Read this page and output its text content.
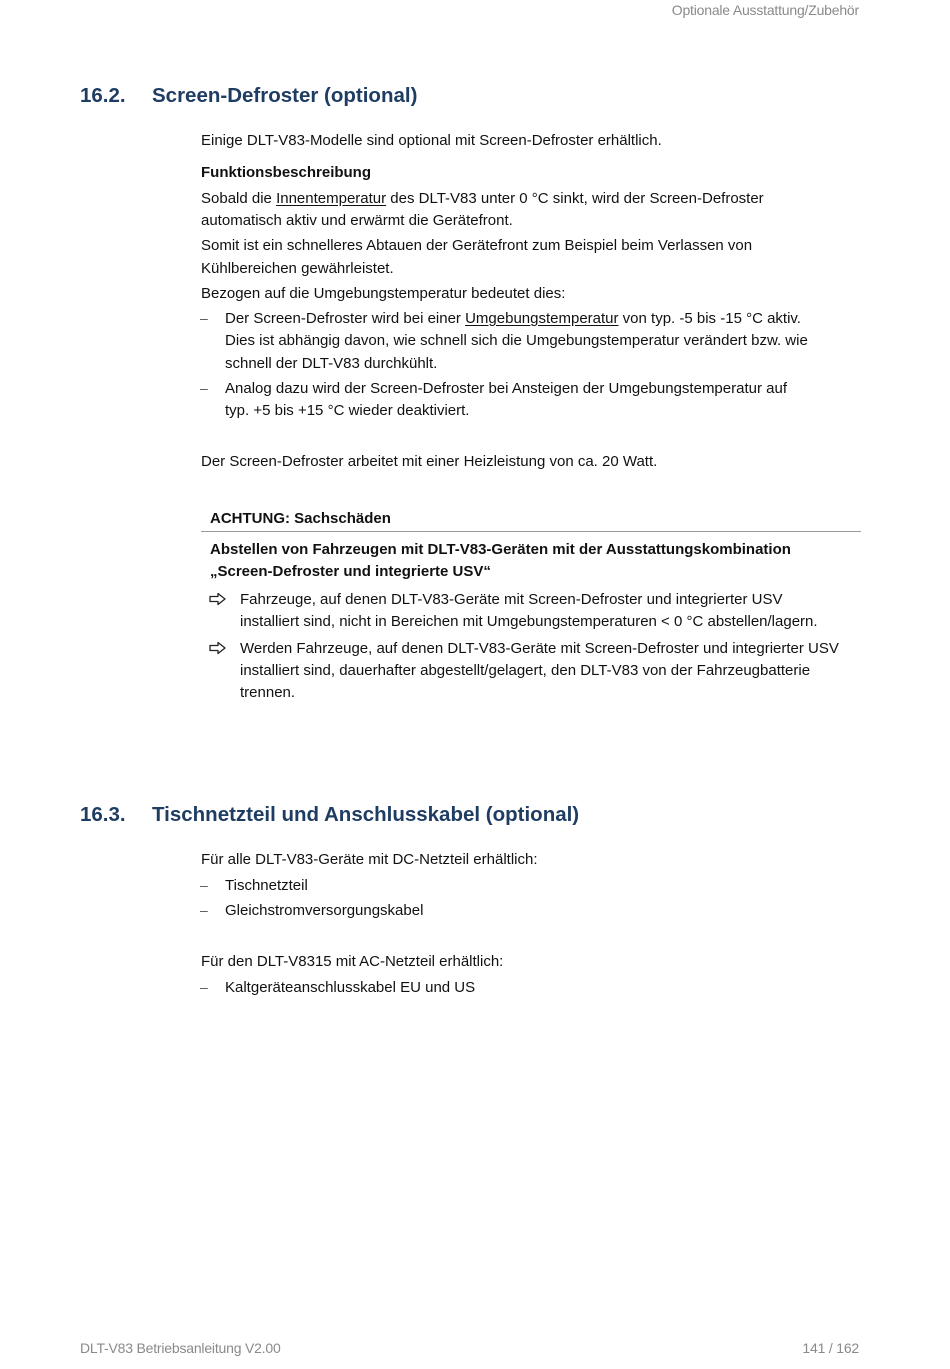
Optionale Ausstattung/Zubehör
16.2. Screen-Defroster (optional)
Einige DLT-V83-Modelle sind optional mit Screen-Defroster erhältlich.
Funktionsbeschreibung
Sobald die Innentemperatur des DLT-V83 unter 0 °C sinkt, wird der Screen-Defroster
automatisch aktiv und erwärmt die Gerätefront.
Somit ist ein schnelleres Abtauen der Gerätefront zum Beispiel beim Verlassen von
Kühlbereichen gewährleistet.
Bezogen auf die Umgebungstemperatur bedeutet dies:
– Der Screen-Defroster wird bei einer Umgebungstemperatur von typ. -5 bis -15 °C aktiv.
Dies ist abhängig davon, wie schnell sich die Umgebungstemperatur verändert bzw. wie
schnell der DLT-V83 durchkühlt.
– Analog dazu wird der Screen-Defroster bei Ansteigen der Umgebungstemperatur auf
typ. +5 bis +15 °C wieder deaktiviert.
Der Screen-Defroster arbeitet mit einer Heizleistung von ca. 20 Watt.
ACHTUNG: Sachschäden
Abstellen von Fahrzeugen mit DLT-V83-Geräten mit der Ausstattungskombination
„Screen-Defroster und integrierte USV“
Fahrzeuge, auf denen DLT-V83-Geräte mit Screen-Defroster und integrierter USV
installiert sind, nicht in Bereichen mit Umgebungstemperaturen < 0 °C abstellen/lagern.
Werden Fahrzeuge, auf denen DLT-V83-Geräte mit Screen-Defroster und integrierter USV
installiert sind, dauerhafter abgestellt/gelagert, den DLT-V83 von der Fahrzeugbatterie
trennen.
16.3. Tischnetzteil und Anschlusskabel (optional)
Für alle DLT-V83-Geräte mit DC-Netzteil erhältlich:
– Tischnetzteil
– Gleichstromversorgungskabel
Für den DLT-V8315 mit AC-Netzteil erhältlich:
– Kaltgeräteanschlusskabel EU und US
DLT-V83 Betriebsanleitung V2.00	141 / 162
